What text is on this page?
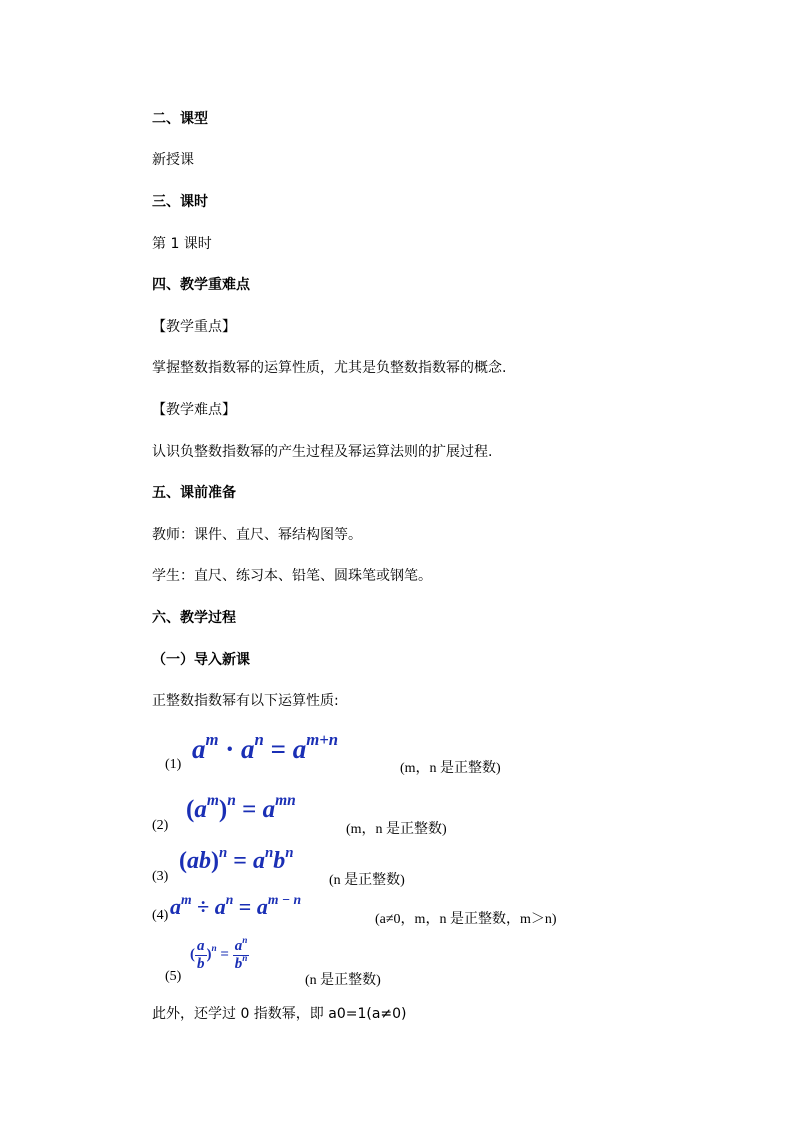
二、课型
新授课
三、课时
第 1 课时
四、教学重难点
【教学重点】
掌握整数指数幂的运算性质，尤其是负整数指数幂的概念.
【教学难点】
认识负整数指数幂的产生过程及幂运算法则的扩展过程.
五、课前准备
教师：课件、直尺、幂结构图等。
学生：直尺、练习本、铅笔、圆珠笔或钢笔。
六、教学过程
（一）导入新课
正整数指数幂有以下运算性质:
(1)
$a^m \cdot a^n = a^{m+n}$
(m，n 是正整数)
(2)
$(a^m)^n = a^{mn}$
(m，n 是正整数)
(3)
$(ab)^n = a^nb^n$
(n 是正整数)
(4) $a^m \div a^n = a^{m - n}$
(a≠0，m，n 是正整数，m＞n)
(5)
( $\frac{a}{b} )^n = \frac{a^n}{b^n}$
(n 是正整数)
此外，还学过 0 指数幂，即 a0=1(a≠0)
